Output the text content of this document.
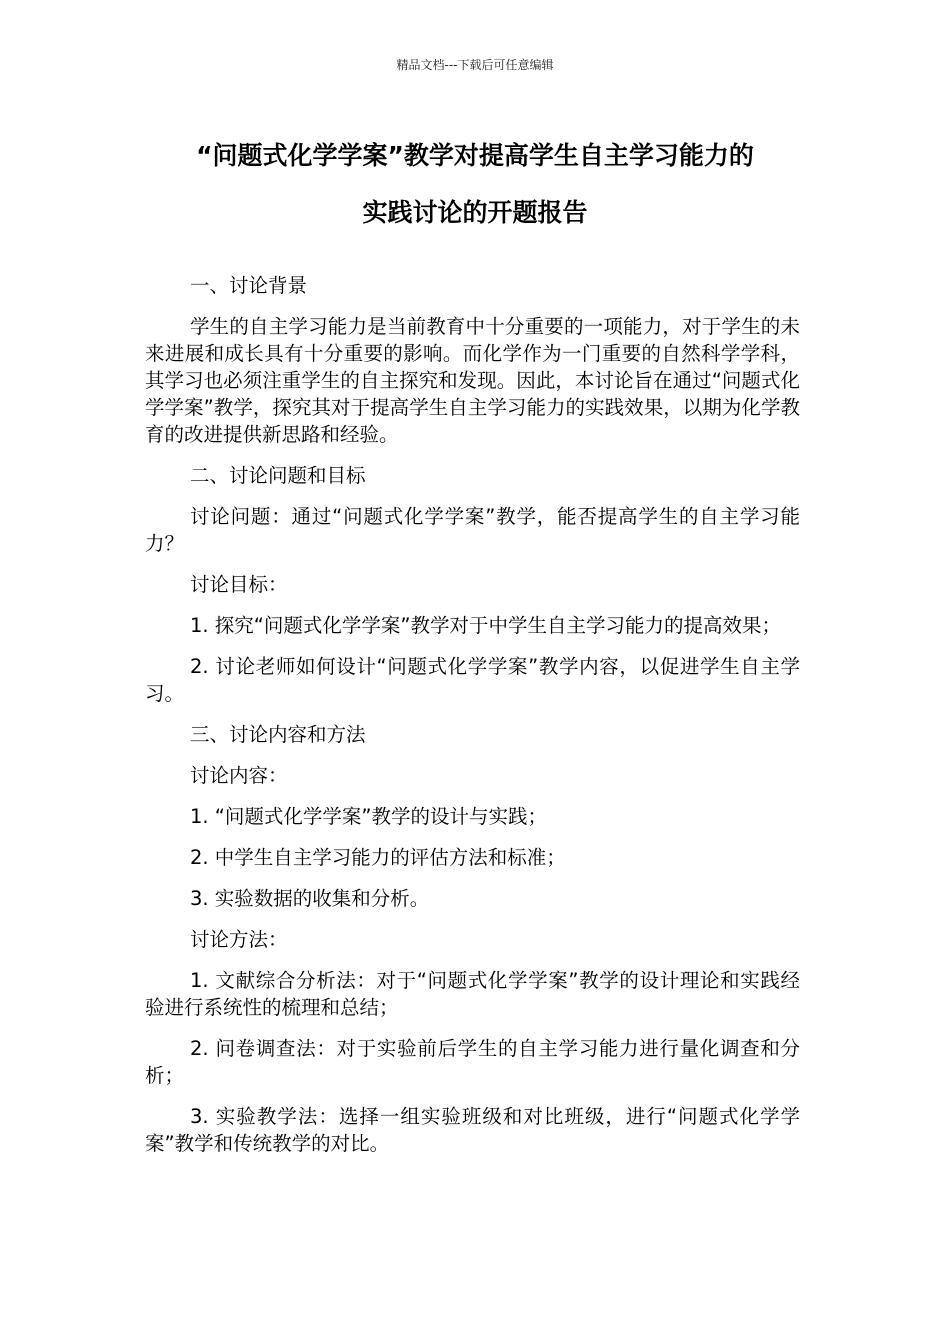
精品文档---下载后可任意编辑
“问题式化学学案”教学对提高学生自主学习能力的
实践讨论的开题报告

一、讨论背景

学生的自主学习能力是当前教育中十分重要的一项能力，对于学生的未来进展和成长具有十分重要的影响。而化学作为一门重要的自然科学学科，其学习也必须注重学生的自主探究和发现。因此，本讨论旨在通过“问题式化学学案”教学，探究其对于提高学生自主学习能力的实践效果，以期为化学教育的改进提供新思路和经验。

二、讨论问题和目标

讨论问题：通过“问题式化学学案”教学，能否提高学生的自主学习能力？

讨论目标：

1. 探究“问题式化学学案”教学对于中学生自主学习能力的提高效果；

2. 讨论老师如何设计“问题式化学学案”教学内容，以促进学生自主学习。

三、讨论内容和方法

讨论内容：

1. “问题式化学学案”教学的设计与实践；

2. 中学生自主学习能力的评估方法和标准；

3. 实验数据的收集和分析。

讨论方法：

1. 文献综合分析法：对于“问题式化学学案”教学的设计理论和实践经验进行系统性的梳理和总结；

2. 问卷调查法：对于实验前后学生的自主学习能力进行量化调查和分析；

3. 实验教学法：选择一组实验班级和对比班级，进行“问题式化学学案”教学和传统教学的对比。
